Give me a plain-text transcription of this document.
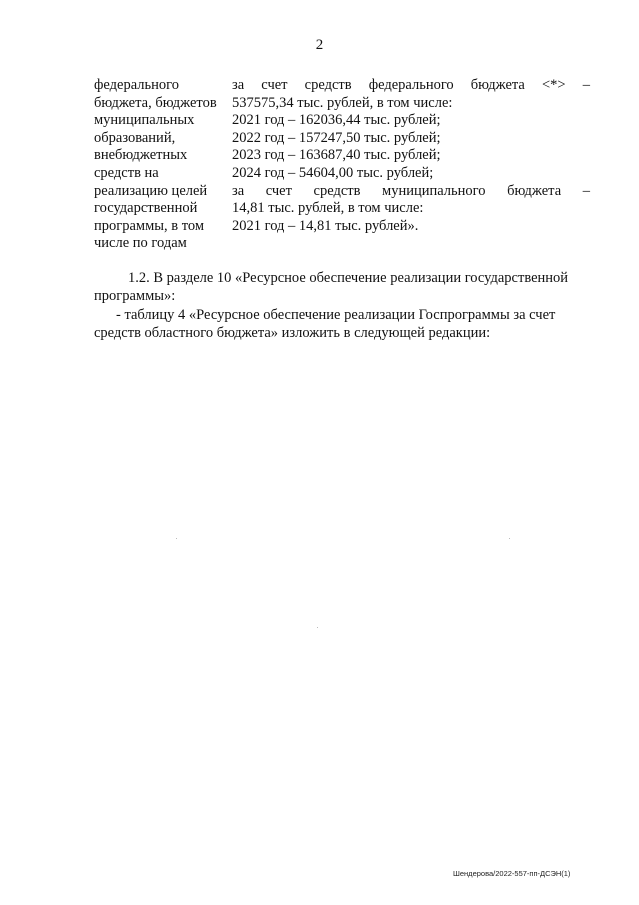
2
федерального
бюджета, бюджетов
муниципальных
образований,
внебюджетных
средств на
реализацию целей
государственной
программы, в том
числе по годам
за счет средств федерального бюджета <*> –
537575,34 тыс. рублей, в том числе:
2021 год – 162036,44 тыс. рублей;
2022 год – 157247,50 тыс. рублей;
2023 год – 163687,40 тыс. рублей;
2024 год – 54604,00 тыс. рублей;
за счет средств муниципального бюджета –
14,81 тыс. рублей, в том числе:
2021 год – 14,81 тыс. рублей».
1.2. В разделе 10 «Ресурсное обеспечение реализации государственной
программы»:
- таблицу 4 «Ресурсное обеспечение реализации Госпрограммы за счет
средств областного бюджета» изложить в следующей редакции:
Шендерова/2022-557-пп-ДСЭН(1)
